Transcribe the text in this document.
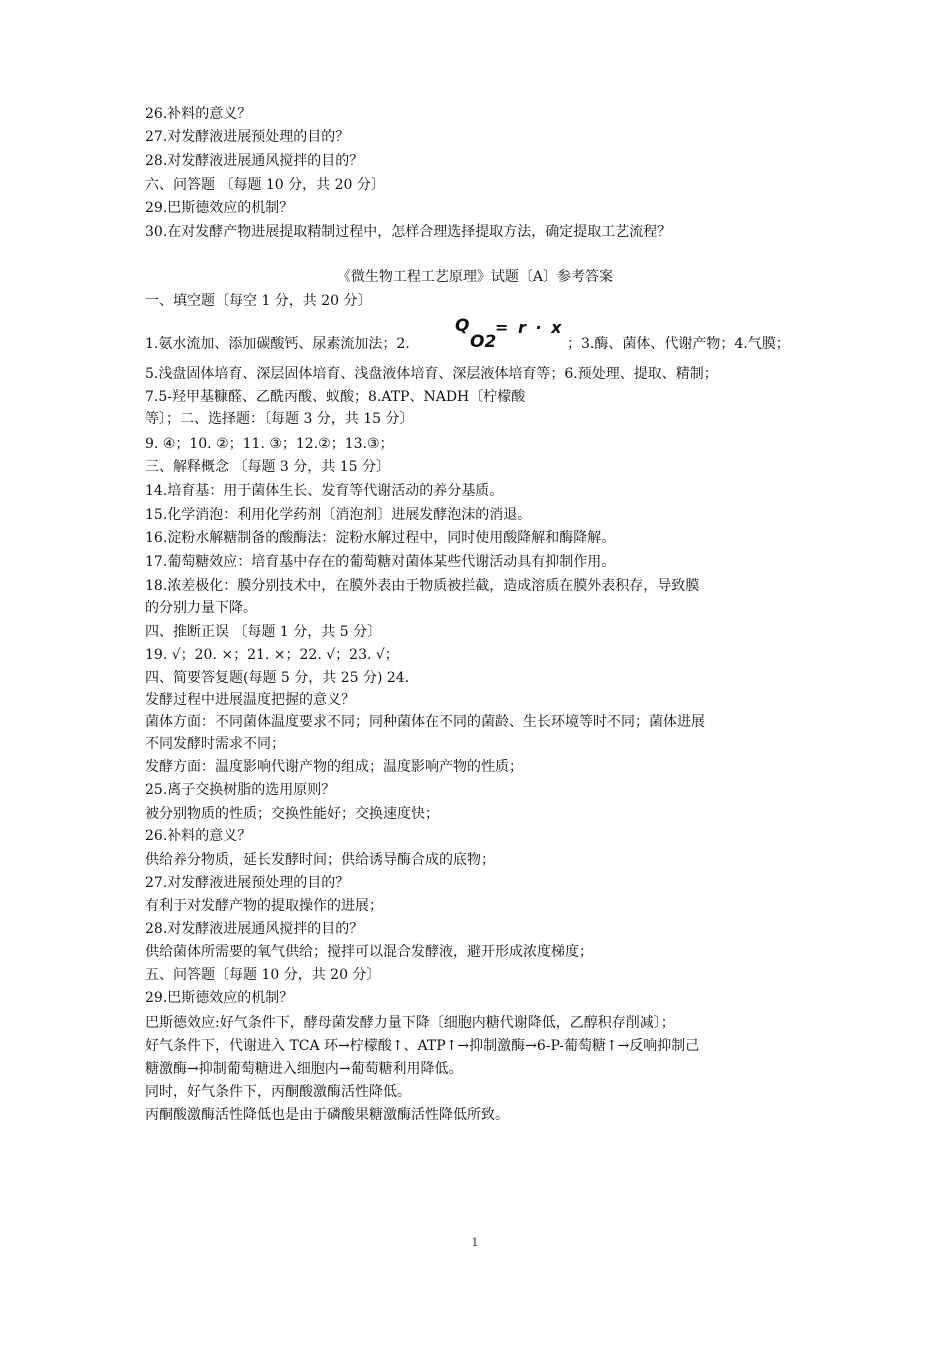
26.补料的意义？
27.对发酵液进展预处理的目的？
28.对发酵液进展通风搅拌的目的？
六、问答题 〔每题 10 分，共 20 分〕
29.巴斯德效应的机制？
30.在对发酵产物进展提取精制过程中，怎样合理选择提取方法，确定提取工艺流程？
《微生物工程工艺原理》试题〔A〕参考答案
一、填空题〔每空 1 分，共 20 分〕
1.氨水流加、添加碳酸钙、尿素流加法；2.
Q
O2
= r · x
；3.酶、菌体、代谢产物；4.气膜；
5.浅盘固体培育、深层固体培育、浅盘液体培育、深层液体培育等；6.预处理、提取、精制；
7.5-羟甲基糠醛、乙酰丙酸、蚁酸；8.ATP、NADH〔柠檬酸
等〕；二、选择题：〔每题 3 分，共 15 分〕
9. ④；10. ②；11. ③；12.②；13.③；
三、解释概念 〔每题 3 分，共 15 分〕
14.培育基：用于菌体生长、发育等代谢活动的养分基质。
15.化学消泡：利用化学药剂〔消泡剂〕进展发酵泡沫的消退。
16.淀粉水解糖制备的酸酶法：淀粉水解过程中，同时使用酸降解和酶降解。
17.葡萄糖效应：培育基中存在的葡萄糖对菌体某些代谢活动具有抑制作用。
18.浓差极化：膜分别技术中，在膜外表由于物质被拦截，造成溶质在膜外表积存，导致膜
的分别力量下降。
四、推断正误 〔每题 1 分，共 5 分〕
19. √；20. ×；21. ×；22. √；23. √；
四、简要答复题(每题 5 分，共 25 分) 24.
发酵过程中进展温度把握的意义？
菌体方面：不同菌体温度要求不同；同种菌体在不同的菌龄、生长环境等时不同；菌体进展
不同发酵时需求不同；
发酵方面：温度影响代谢产物的组成；温度影响产物的性质；
25.离子交换树脂的选用原则？
被分别物质的性质；交换性能好；交换速度快；
26.补料的意义？
供给养分物质，延长发酵时间；供给诱导酶合成的底物；
27.对发酵液进展预处理的目的？
有利于对发酵产物的提取操作的进展；
28.对发酵液进展通风搅拌的目的？
供给菌体所需要的氧气供给；搅拌可以混合发酵液，避开形成浓度梯度；
五、问答题〔每题 10 分，共 20 分〕
29.巴斯德效应的机制？
巴斯德效应:好气条件下，酵母菌发酵力量下降〔细胞内糖代谢降低，乙醇积存削减〕；
好气条件下，代谢进入 TCA 环→柠檬酸↑、ATP↑→抑制激酶→6-P-葡萄糖↑→反响抑制己
糖激酶→抑制葡萄糖进入细胞内→葡萄糖利用降低。
同时，好气条件下，丙酮酸激酶活性降低。
丙酮酸激酶活性降低也是由于磷酸果糖激酶活性降低所致。
1
